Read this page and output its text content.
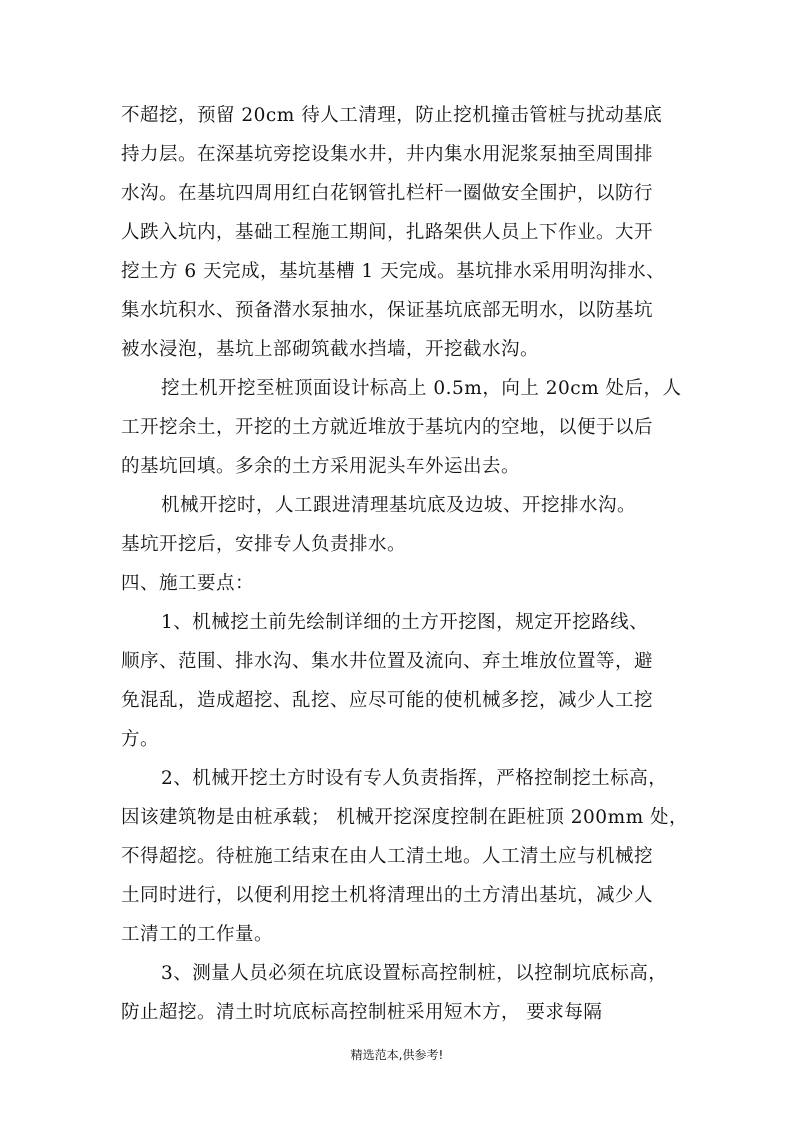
不超挖，预留 20cm 待人工清理，防止挖机撞击管桩与扰动基底
持力层。在深基坑旁挖设集水井，井内集水用泥浆泵抽至周围排
水沟。在基坑四周用红白花钢管扎栏杆一圈做安全围护，以防行
人跌入坑内，基础工程施工期间，扎路架供人员上下作业。大开
挖土方 6 天完成，基坑基槽 1 天完成。基坑排水采用明沟排水、
集水坑积水、预备潜水泵抽水，保证基坑底部无明水，以防基坑
被水浸泡，基坑上部砌筑截水挡墙，开挖截水沟。
挖土机开挖至桩顶面设计标高上 0.5m，向上 20cm 处后，人
工开挖余土，开挖的土方就近堆放于基坑内的空地，以便于以后
的基坑回填。多余的土方采用泥头车外运出去。
机械开挖时，人工跟进清理基坑底及边坡、开挖排水沟。
基坑开挖后，安排专人负责排水。
四、施工要点：
1、机械挖土前先绘制详细的土方开挖图，规定开挖路线、
顺序、范围、排水沟、集水井位置及流向、弃土堆放位置等，避
免混乱，造成超挖、乱挖、应尽可能的使机械多挖，减少人工挖
方。
2、机械开挖土方时设有专人负责指挥，严格控制挖土标高，
因该建筑物是由桩承载； 机械开挖深度控制在距桩顶 200mm 处，
不得超挖。待桩施工结束在由人工清土地。人工清土应与机械挖
土同时进行，以便利用挖土机将清理出的土方清出基坑，减少人
工清工的工作量。
3、测量人员必须在坑底设置标高控制桩，以控制坑底标高，
防止超挖。清土时坑底标高控制桩采用短木方， 要求每隔
精选范本,供参考!
